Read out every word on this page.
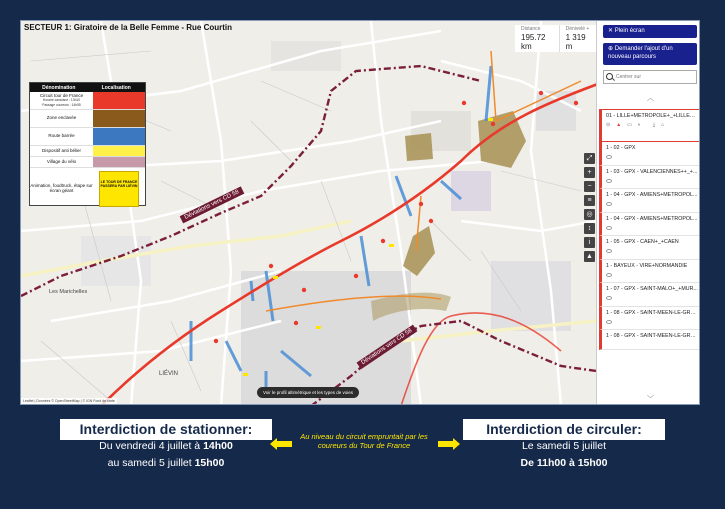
SECTEUR 1: Giratoire de la Belle Femme - Rue Courtin
Déviations vers CD 58
Déviations vers CD 58
LIÉVIN
Les Marichelles
Dénomination	Localisation
Circuit tour de France
Horaire caravane : 13h10
Passage coureurs : 14h55
Zone enclavée
Route barrée
Dispositif anti bélier
Village du vélo
Animation, foodtruck, étape sur écran géant
LE TOUR DE FRANCE PASSERA PAR LIÉVIN
Distance
195.72 km
Dénivelé +
1 319 m
⤢
+
−
≡
◎
↕
i
▲
Voir le profil altimétrique et les types de voies
Leaflet | Données © OpenStreetMap | © IGN Fond de carte
✕ Plein écran
⊕ Demander l'ajout d'un nouveau parcours
Centrer sur
︿
01 - LILLE+MÉTROPOLE+_+LILLE+...
⊙ ▲ ▭ ◐ ⤓ ⌂
1 - 02 - GPX
1 - 03 - GPX - VALENCIENNES++_+...
1 - 04 - GPX - AMIENS+MÉTROPOL...
1 - 04 - GPX - AMIENS+MÉTROPOL...
1 - 05 - GPX - CAEN+_+CAEN
1 - BAYEUX - VIRE+NORMANDIE
1 - 07 - GPX - SAINT-MALO+_+MÛR...
1 - 08 - GPX - SAINT-MÉEN-LE-GRA...
1 - 08 - GPX - SAINT-MÉEN-LE-GRA...
﹀
Interdiction de stationner:
Du vendredi 4 juillet à 14h00
au samedi 5 juillet 15h00
Au niveau du circuit empruntait par les coureurs du Tour de France
Interdiction de circuler:
Le samedi 5 juillet
De 11h00 à 15h00
